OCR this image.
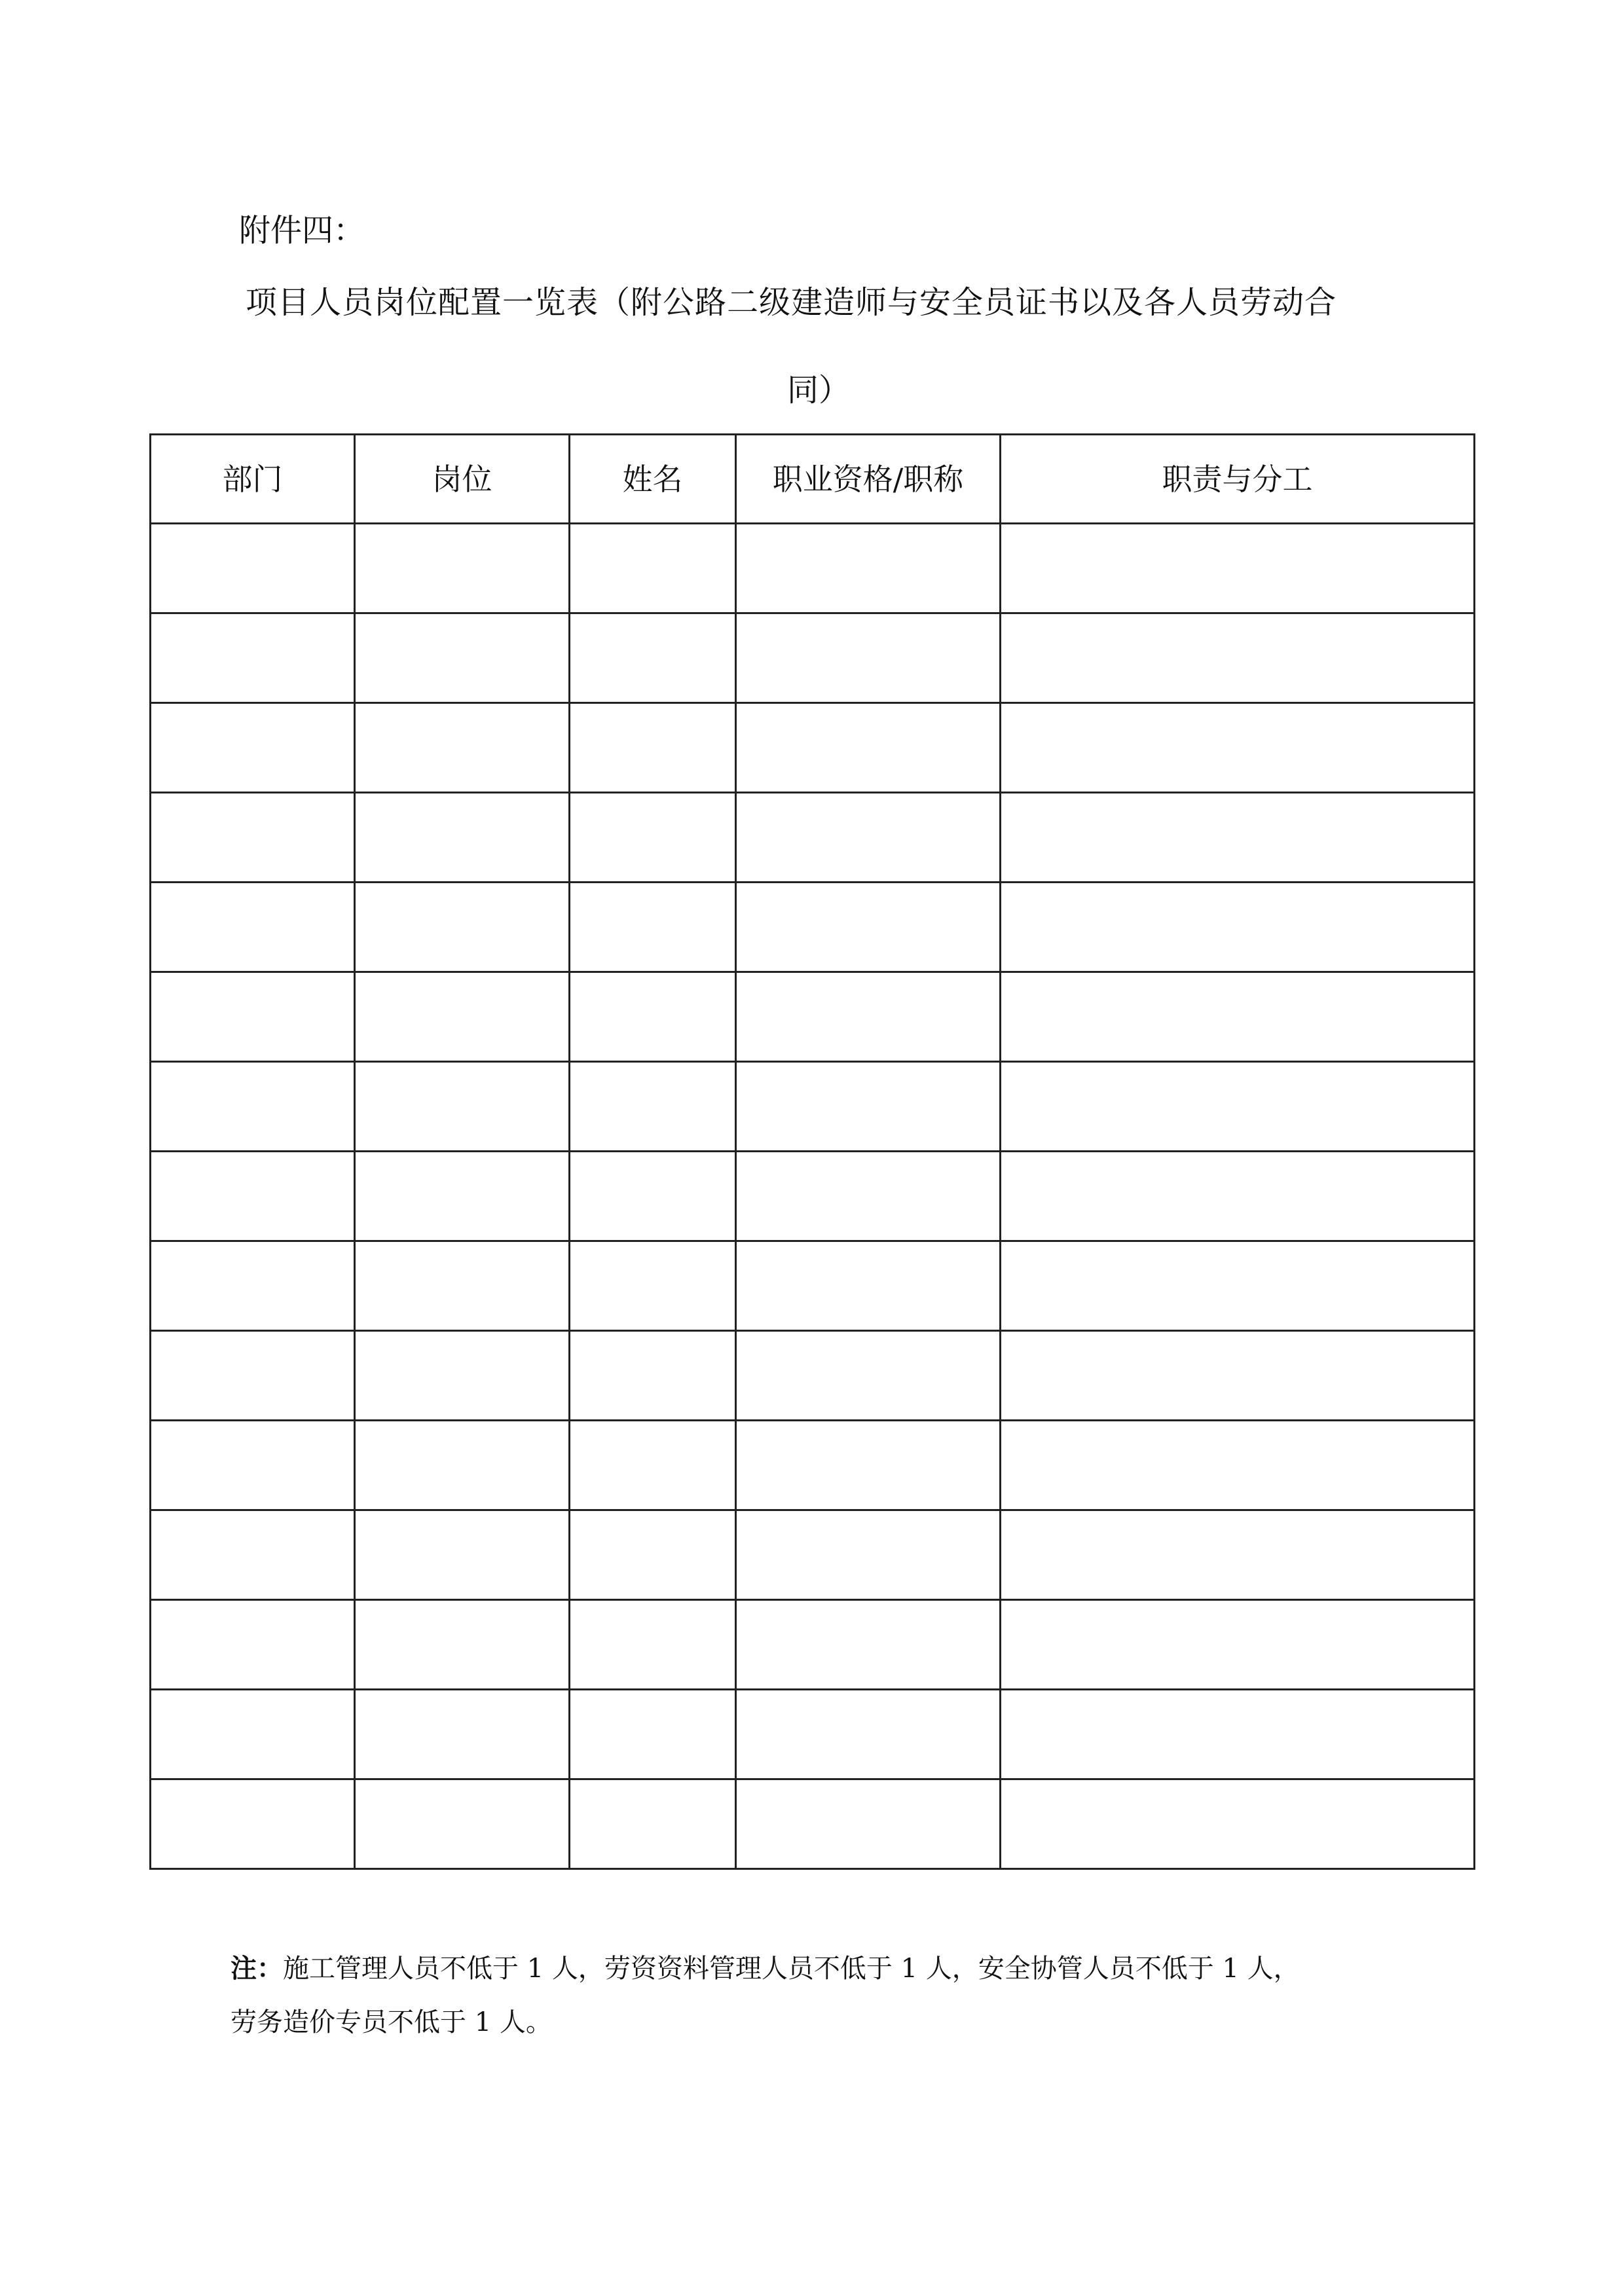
附件四：
项目人员岗位配置一览表（附公路二级建造师与安全员证书以及各人员劳动合
同）
部门	岗位	姓名	职业资格/职称	职责与分工

注：施工管理人员不低于 1 人，劳资资料管理人员不低于 1 人，安全协管人员不低于 1 人，
劳务造价专员不低于 1 人。
